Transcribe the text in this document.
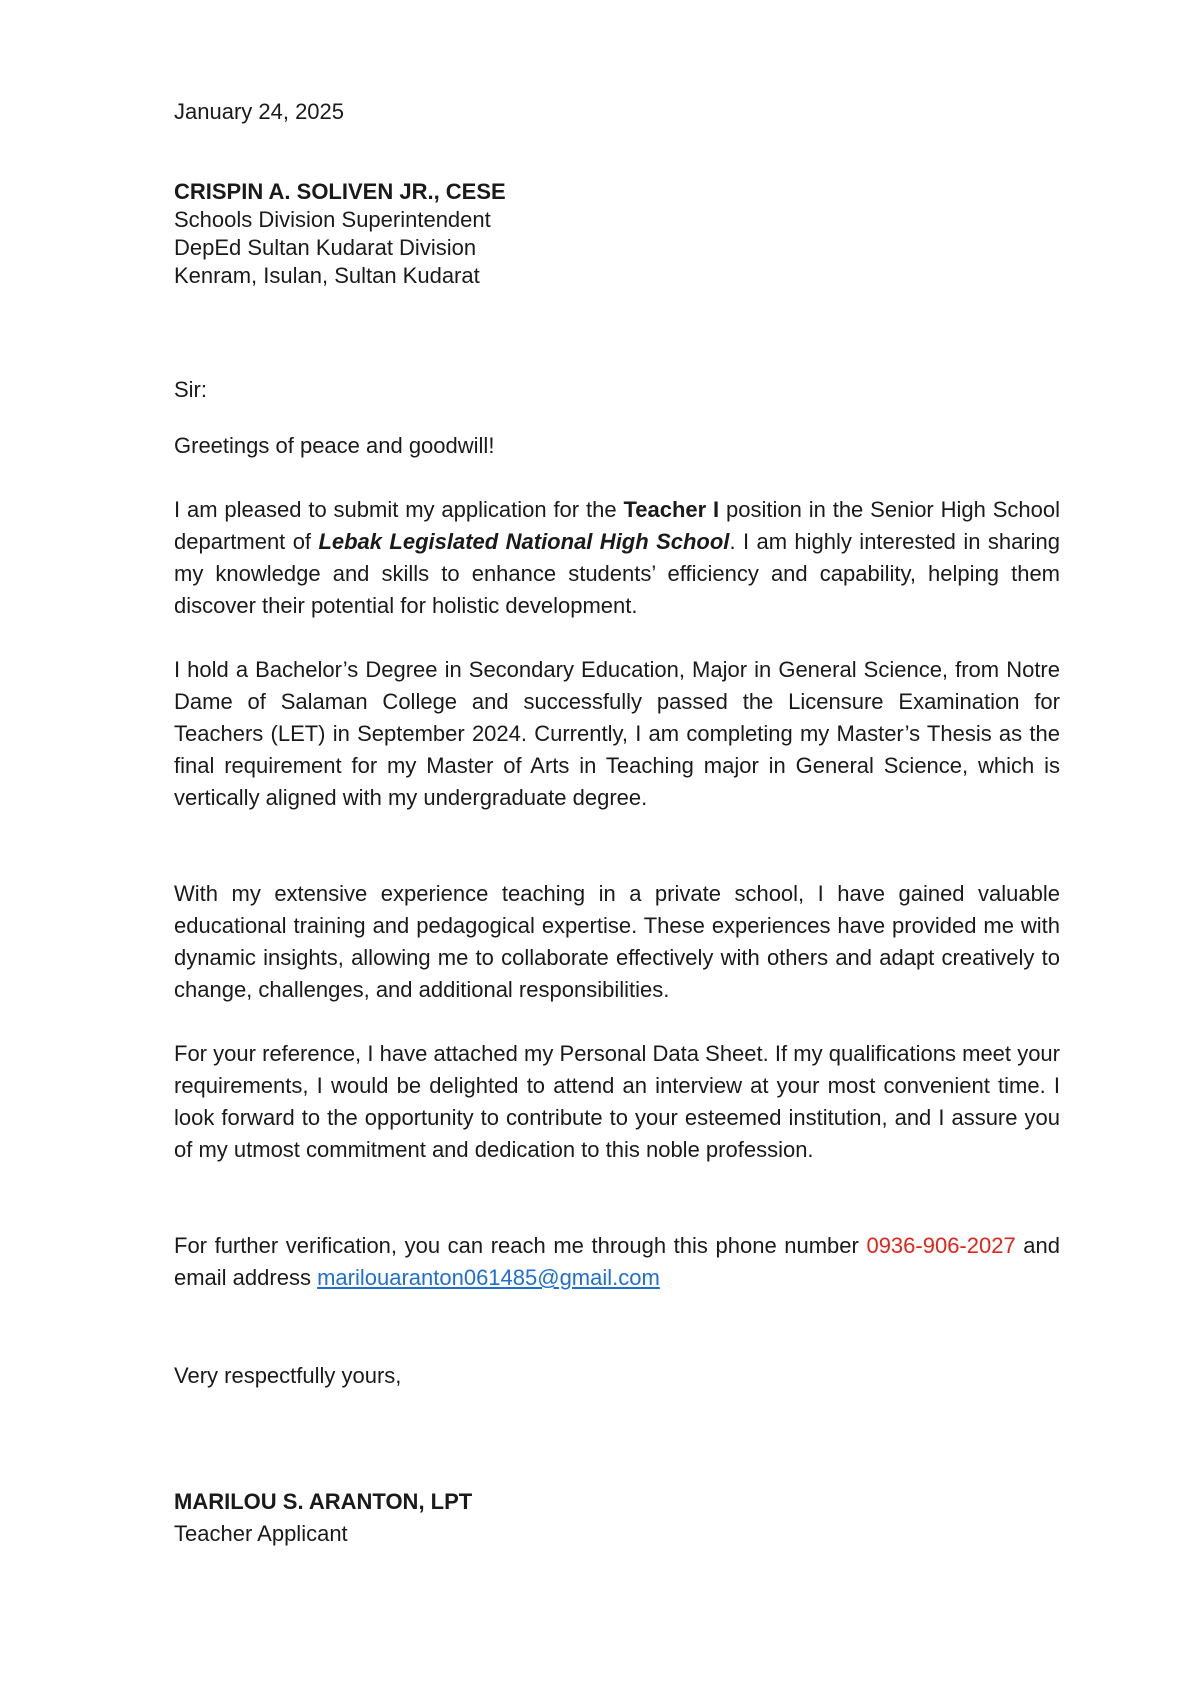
January 24, 2025

CRISPIN A. SOLIVEN JR., CESE
Schools Division Superintendent
DepEd Sultan Kudarat Division
Kenram, Isulan, Sultan Kudarat

Sir:

Greetings of peace and goodwill!

I am pleased to submit my application for the Teacher I position in the Senior High School department of Lebak Legislated National High School. I am highly interested in sharing my knowledge and skills to enhance students’ efficiency and capability, helping them discover their potential for holistic development.

I hold a Bachelor’s Degree in Secondary Education, Major in General Science, from Notre Dame of Salaman College and successfully passed the Licensure Examination for Teachers (LET) in September 2024. Currently, I am completing my Master’s Thesis as the final requirement for my Master of Arts in Teaching major in General Science, which is vertically aligned with my undergraduate degree.

With my extensive experience teaching in a private school, I have gained valuable educational training and pedagogical expertise. These experiences have provided me with dynamic insights, allowing me to collaborate effectively with others and adapt creatively to change, challenges, and additional responsibilities.

For your reference, I have attached my Personal Data Sheet. If my qualifications meet your requirements, I would be delighted to attend an interview at your most convenient time. I look forward to the opportunity to contribute to your esteemed institution, and I assure you of my utmost commitment and dedication to this noble profession.

For further verification, you can reach me through this phone number 0936-906-2027 and email address marilouaranton061485@gmail.com

Very respectfully yours,

MARILOU S. ARANTON, LPT
Teacher Applicant
